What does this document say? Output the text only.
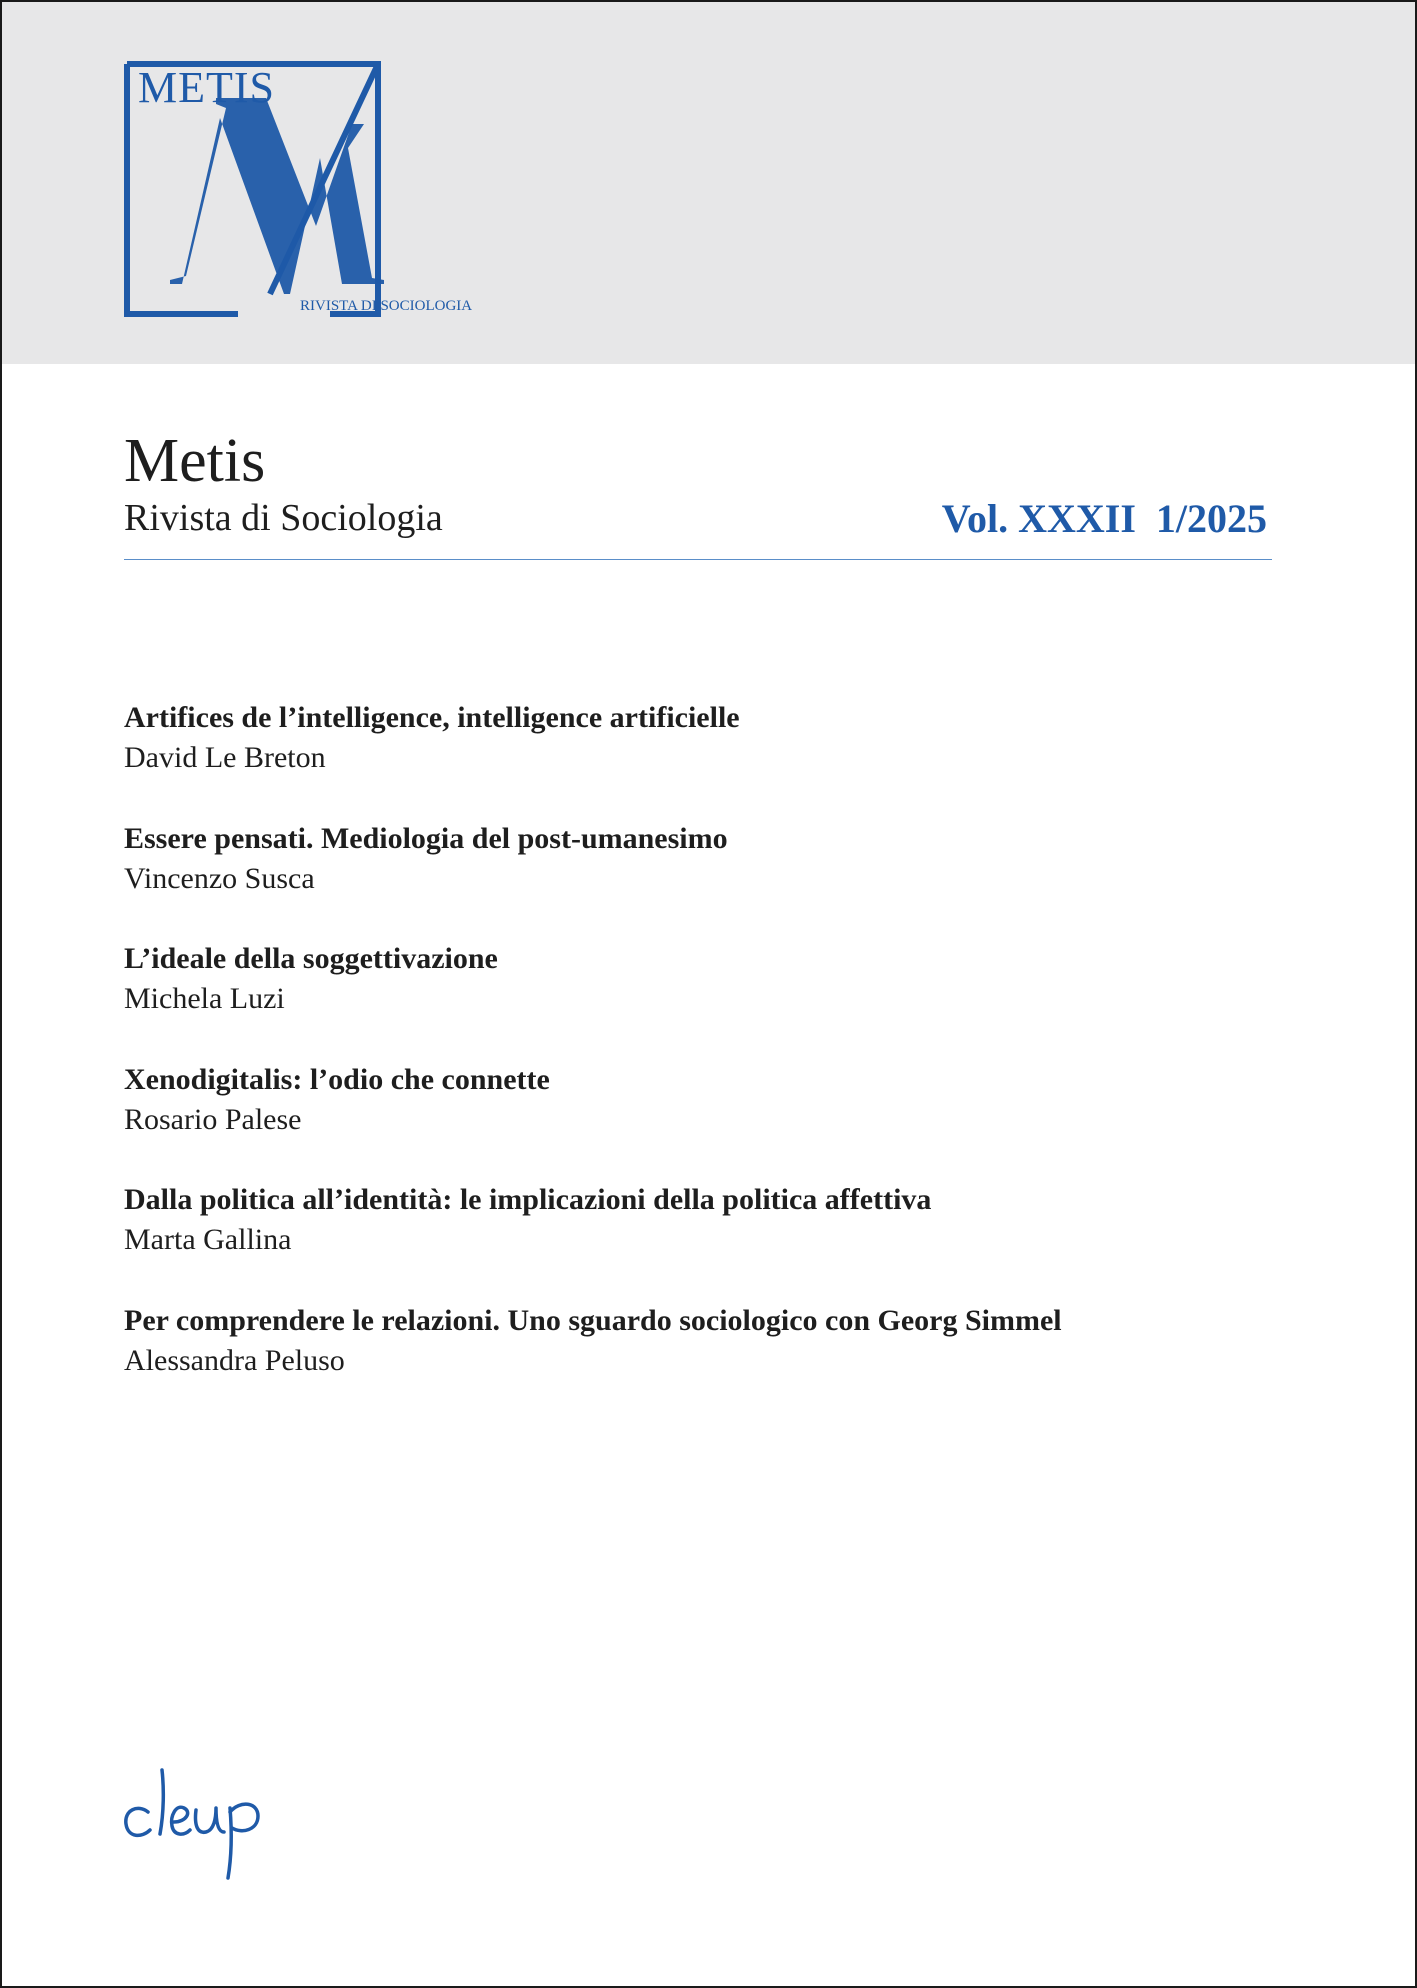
METIS
RIVISTA DI SOCIOLOGIA
Metis
Rivista di Sociologia	Vol. XXXII  1/2025
Artifices de l’intelligence, intelligence artificielle
David Le Breton
Essere pensati. Mediologia del post-umanesimo
Vincenzo Susca
L’ideale della soggettivazione
Michela Luzi
Xenodigitalis: l’odio che connette
Rosario Palese
Dalla politica all’identità: le implicazioni della politica affettiva
Marta Gallina
Per comprendere le relazioni. Uno sguardo sociologico con Georg Simmel
Alessandra Peluso
